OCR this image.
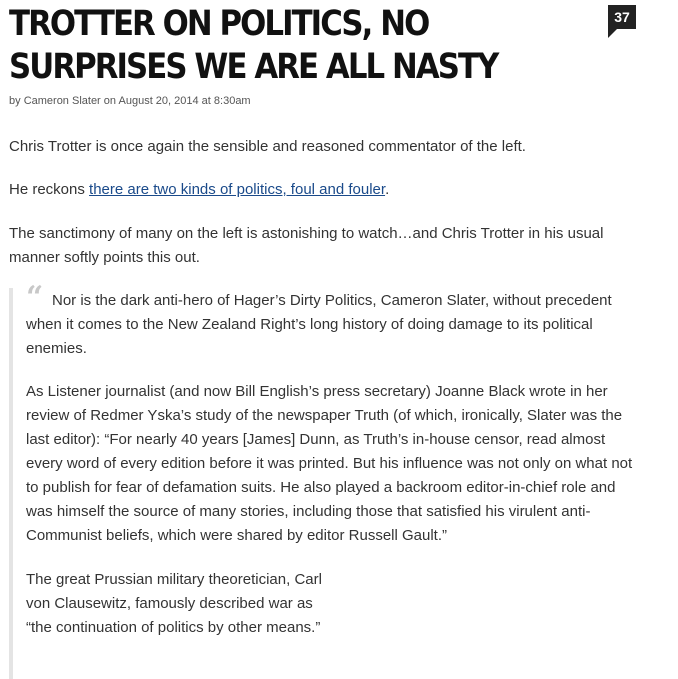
TROTTER ON POLITICS, NO SURPRISES WE ARE ALL NASTY
37

by Cameron Slater on August 20, 2014 at 8:30am

Chris Trotter is once again the sensible and reasoned commentator of the left.

He reckons there are two kinds of politics, foul and fouler.

The sanctimony of many on the left is astonishing to watch…and Chris Trotter in his usual manner softly points this out.

“ Nor is the dark anti-hero of Hager’s Dirty Politics, Cameron Slater, without precedent when it comes to the New Zealand Right’s long history of doing damage to its political enemies.

As Listener journalist (and now Bill English’s press secretary) Joanne Black wrote in her review of Redmer Yska’s study of the newspaper Truth (of which, ironically, Slater was the last editor): “For nearly 40 years [James] Dunn, as Truth’s in-house censor, read almost every word of every edition before it was printed. But his influence was not only on what not to publish for fear of defamation suits. He also played a backroom editor-in-chief role and was himself the source of many stories, including those that satisfied his virulent anti-Communist beliefs, which were shared by editor Russell Gault.”

The great Prussian military theoretician, Carl von Clausewitz, famously described war as “the continuation of politics by other means.”
